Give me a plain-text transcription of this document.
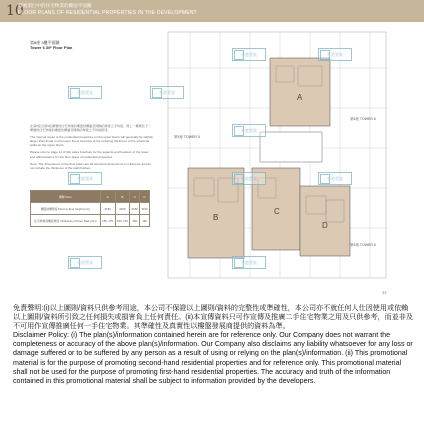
10
發展項目中的住宅物業的樓面平面圖
FLOOR PLANS OF RESIDENTIAL PROPERTIES IN THE DEVELOPMENT
第6座 3樓平面圖
Tower 6 3/F Floor Plan

在第5座及第6座樓層的住宅物業的樓面結構牆及間隔的厚度之平均值，與上一樓層及下一樓層的住宅物業的樓面結構牆及間隔的厚度之平均值相同。

The internal areas of the residential properties on the upper floors will generally be slightly larger than those on the lower floors because of the reducing thickness of the structural walls on the upper floors.

Please refer to page 11 of this sales brochure for the legends and features of the tower and abbreviations for the floor plans of residential properties.

Note: The dimensions of the floor plans are all structural dimensions in millimetre and do not include the thickness of the wall finishes.

樓層 Floor	A	B	C	D
樓面結構厚度 Floor-to-floor height (mm)	3150	3150	3150	3150
住宅物業的樓板厚度 Thickness of Floor Slab (mm)	150, 175	150, 175	150	150
A
B
C
D
第5座 TOWER 5
第6座 TOWER 6
第6座 TOWER 6
香港置業	香港置業
香港置業	香港置業
香港置業
香港置業	香港置業	香港置業
香港置業	香港置業
33

免責聲明:(i)以上圖則/資料只供參考用途，本公司不保證以上圖則/資料的完整性或準確性，本公司亦不就任何人仕因使用或依賴以上圖則/資料所引致之任何損失或損害負上任何責任。(ii)本宣傳資料只可作宣傳及推廣二手住宅物業之用及只供參考，而並非及不可用作宣傳推廣任何一手住宅物業。其準確性及真實性以樓盤發展商提供的資料為準。

Disclaimer Policy: (i) The plan(s)/information contained herein are for reference only. Our Company does not warrant the completeness or accuracy of the above plan(s)/information. Our Company also disclaims any liability whatsoever for any loss or damage suffered or to be suffered by any person as a result of using or relying on the plan(s)/information. (ii) This promotional material is for the purpose of promoting second-hand residential properties and for reference only. This promotional material shall not be used for the purpose of promoting first-hand residential properties. The accuracy and truth of the information contained in this promotional material shall be subject to information provided by the developers.
